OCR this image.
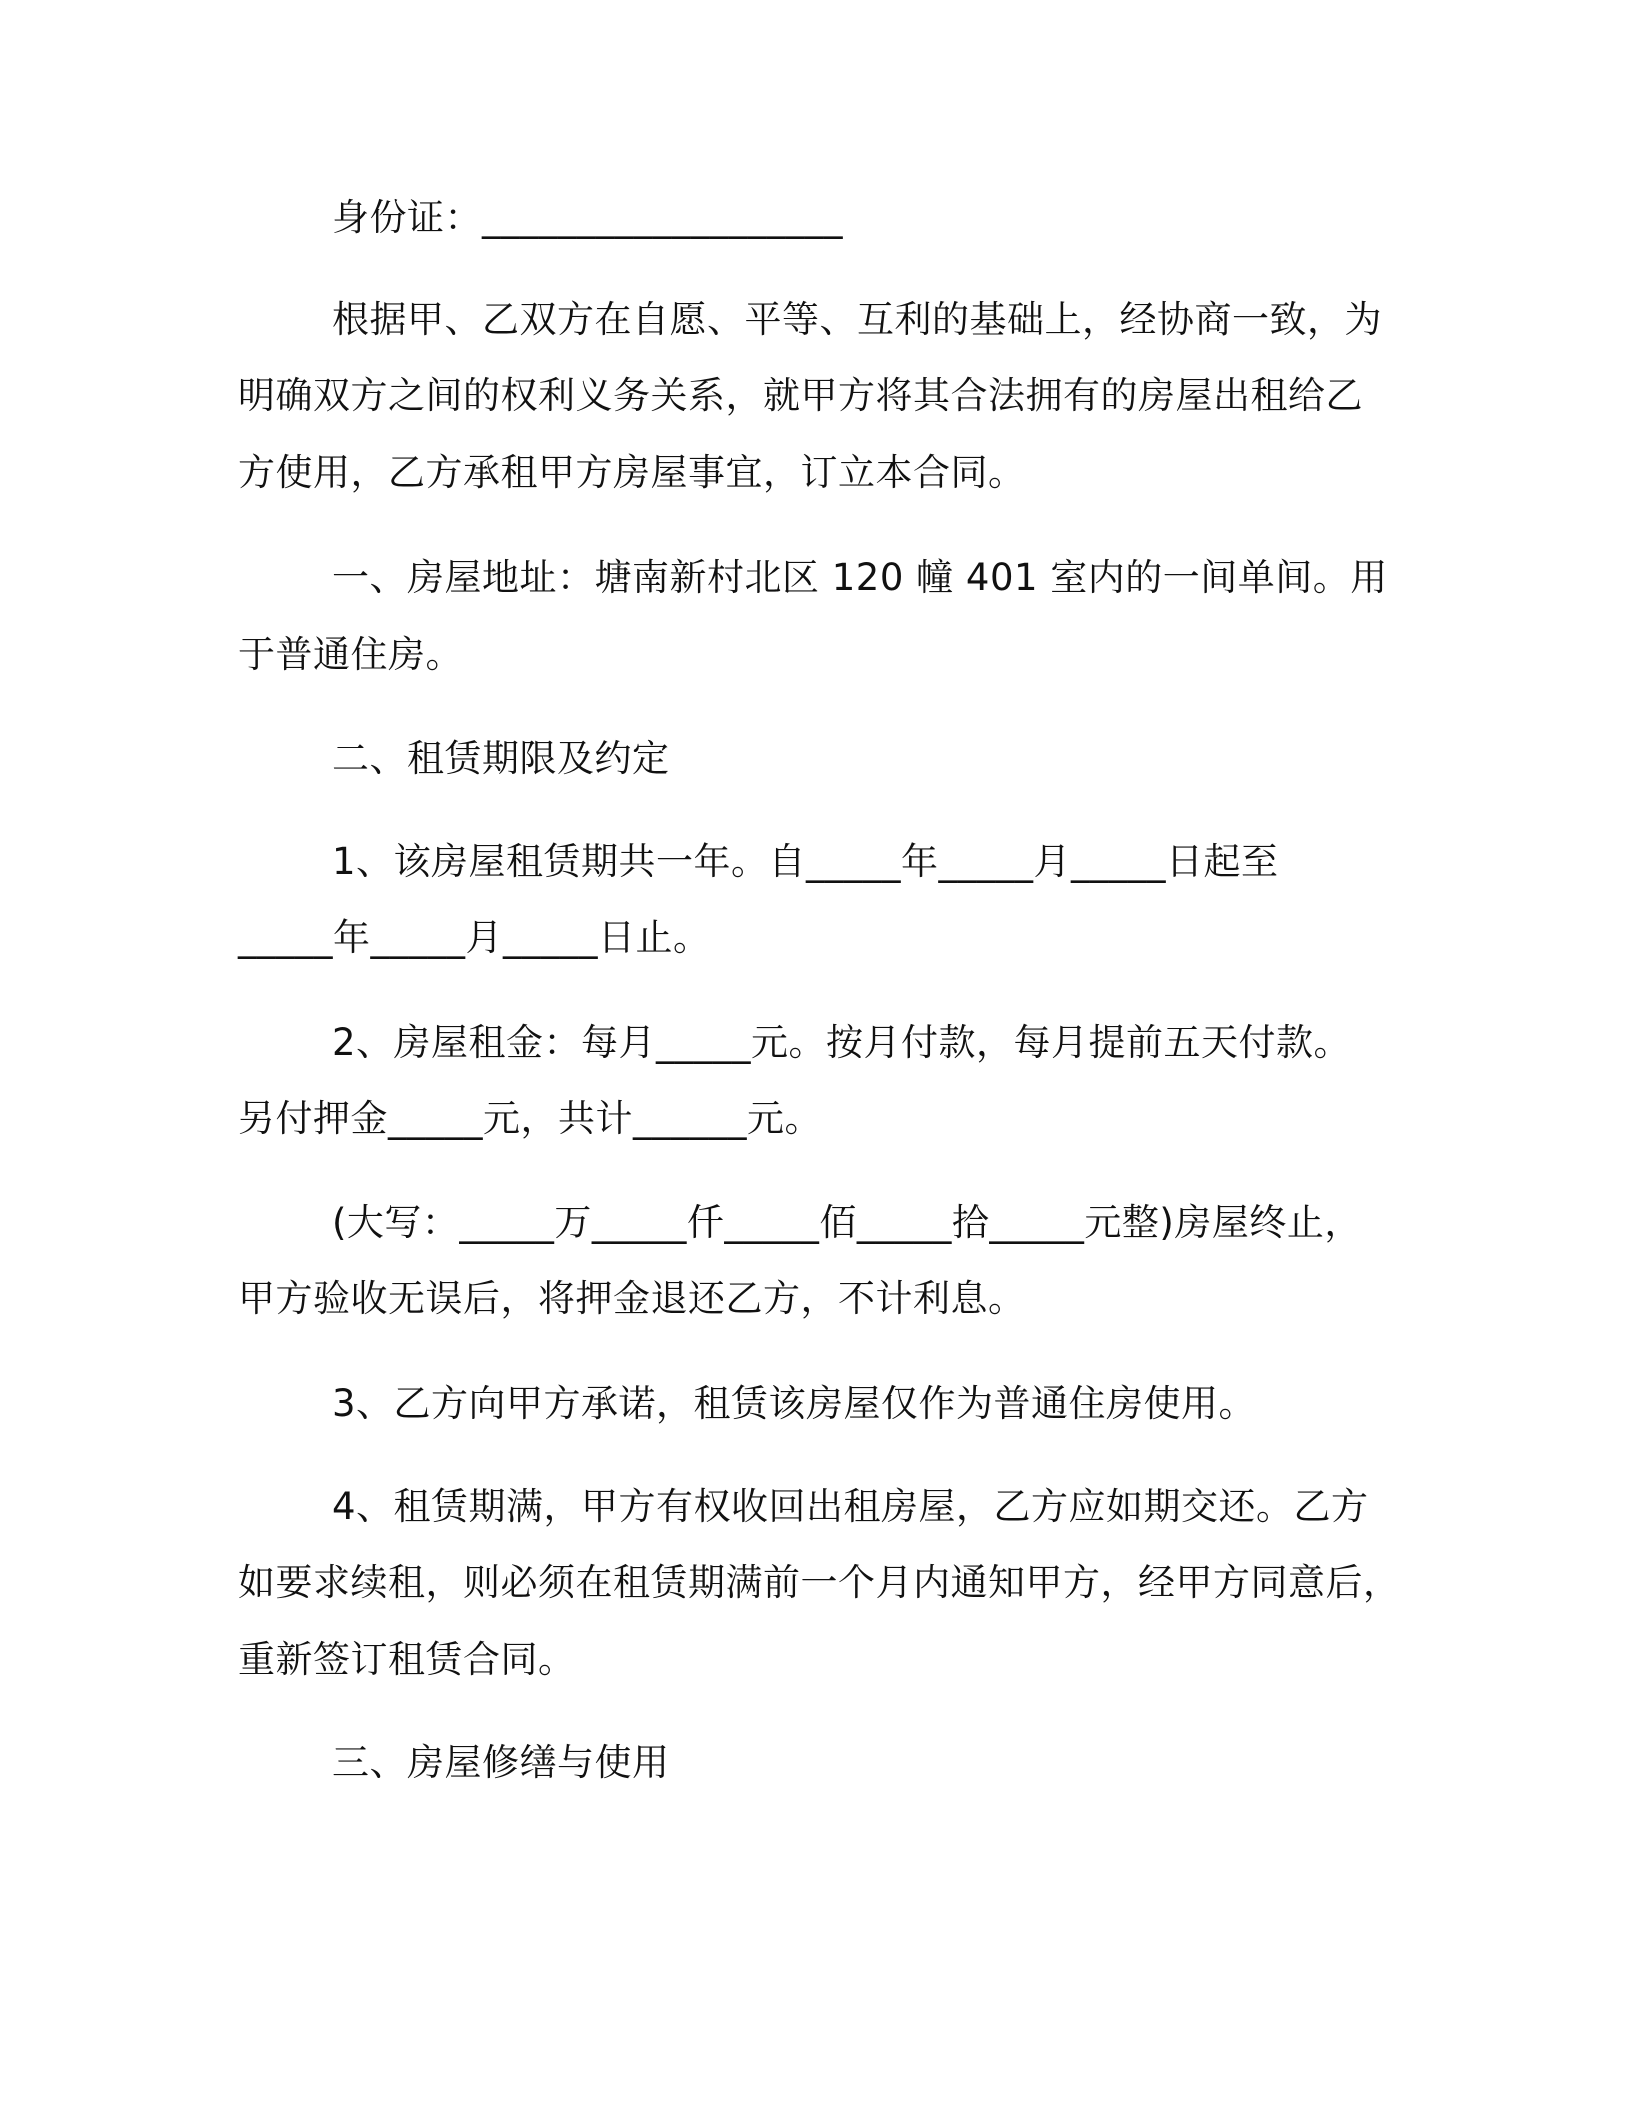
身份证：___________________
根据甲、乙双方在自愿、平等、互利的基础上，经协商一致，为
明确双方之间的权利义务关系，就甲方将其合法拥有的房屋出租给乙
方使用，乙方承租甲方房屋事宜，订立本合同。
一、房屋地址：塘南新村北区 120 幢 401 室内的一间单间。用
于普通住房。
二、租赁期限及约定
1、该房屋租赁期共一年。自_____年_____月_____日起至
_____年_____月_____日止。
2、房屋租金：每月_____元。按月付款，每月提前五天付款。
另付押金_____元，共计______元。
(大写：_____万_____仟_____佰_____拾_____元整)房屋终止，
甲方验收无误后，将押金退还乙方，不计利息。
3、乙方向甲方承诺，租赁该房屋仅作为普通住房使用。
4、租赁期满，甲方有权收回出租房屋，乙方应如期交还。乙方
如要求续租，则必须在租赁期满前一个月内通知甲方，经甲方同意后，
重新签订租赁合同。
三、房屋修缮与使用
